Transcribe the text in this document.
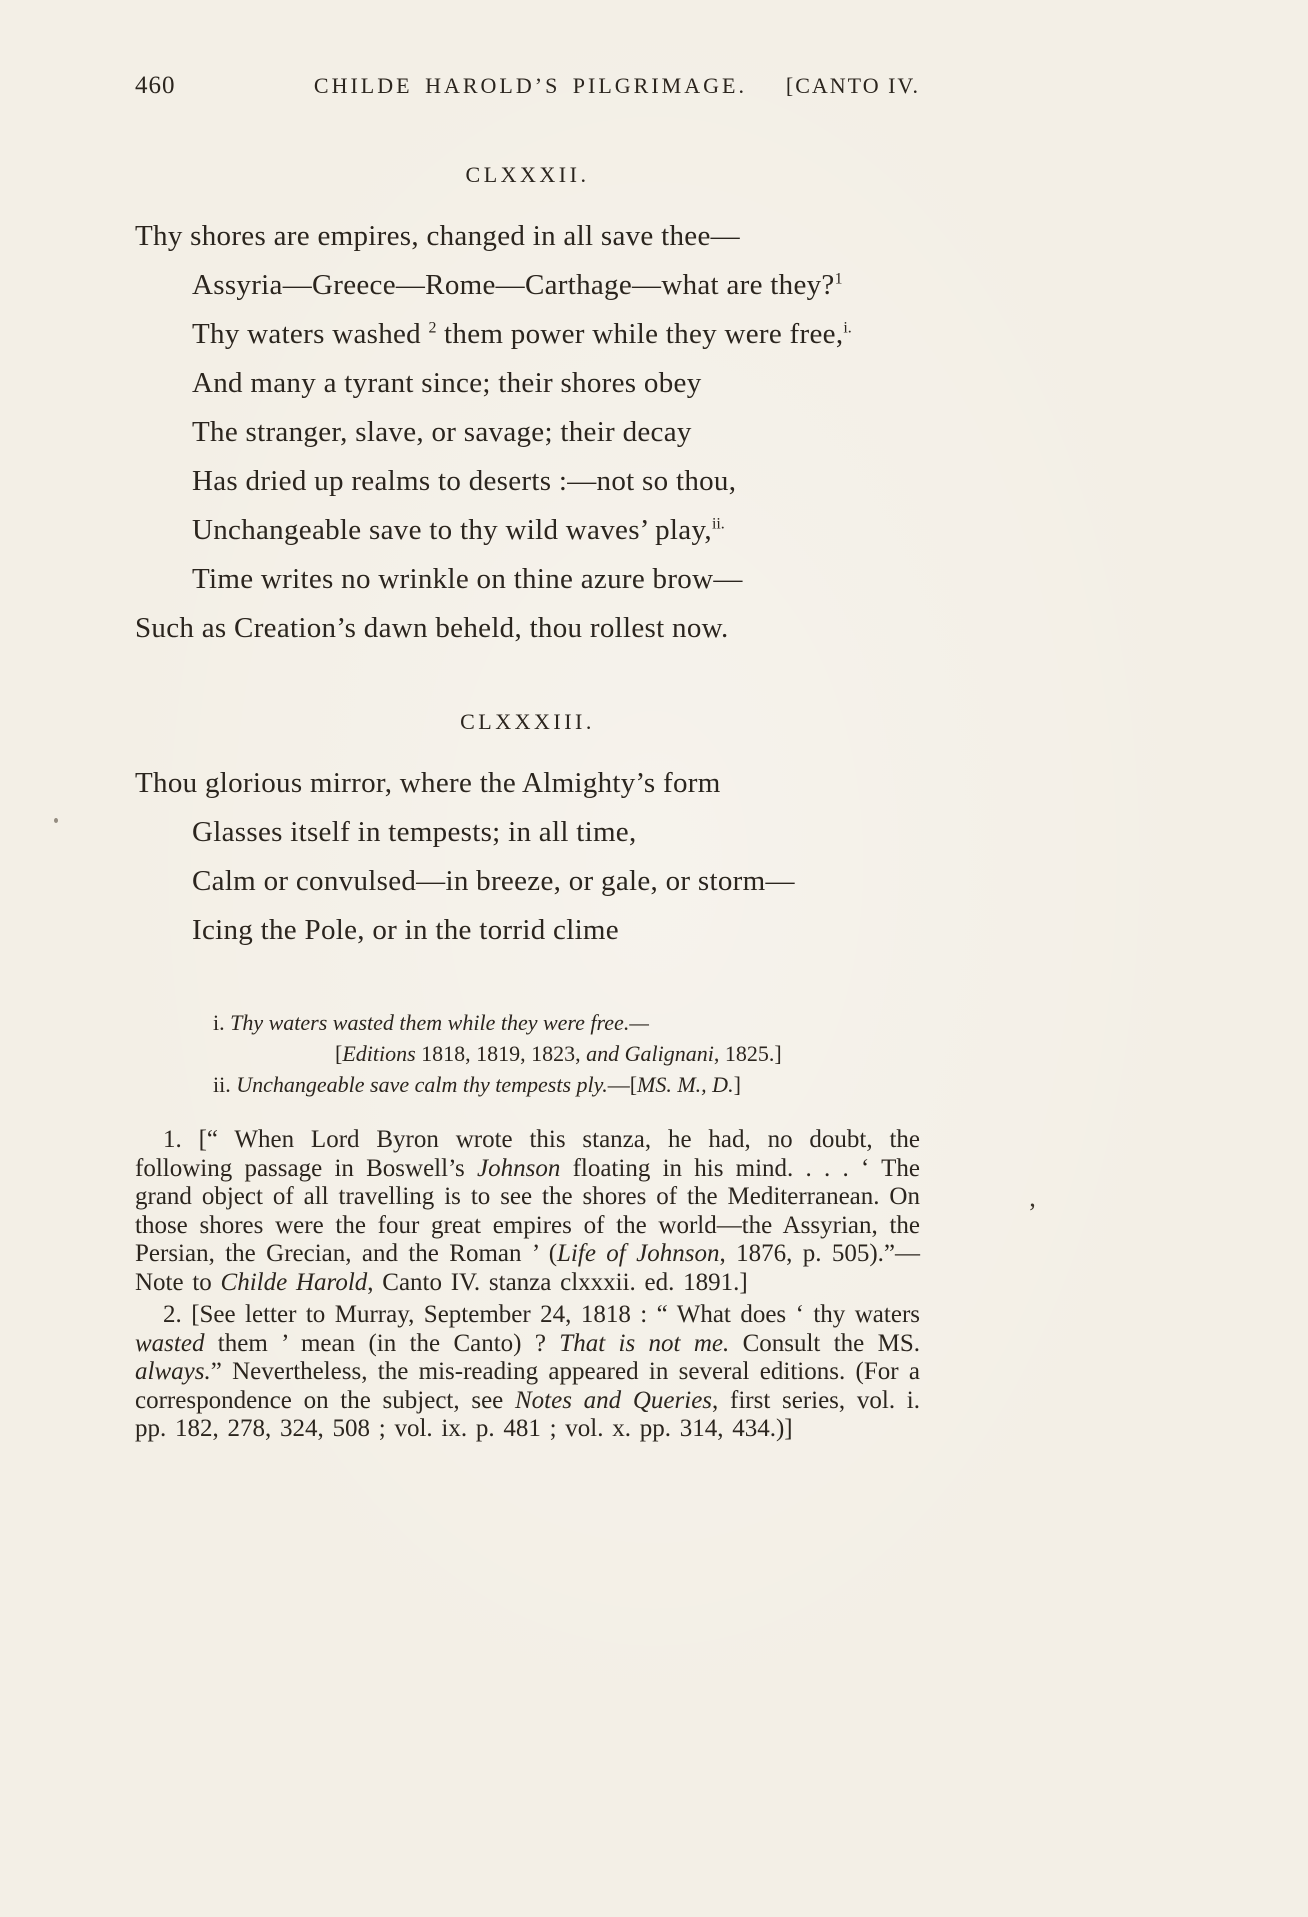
460	CHILDE HAROLD’S PILGRIMAGE.	[CANTO IV.
CLXXXII.
Thy shores are empires, changed in all save thee—
Assyria—Greece—Rome—Carthage—what are they?$^1$
Thy waters washed $^2$ them power while they were free,$^{i.}$
And many a tyrant since; their shores obey
The stranger, slave, or savage; their decay
Has dried up realms to deserts :—not so thou,
Unchangeable save to thy wild waves’ play,$^{ii.}$
Time writes no wrinkle on thine azure brow—
Such as Creation’s dawn beheld, thou rollest now.
CLXXXIII.
Thou glorious mirror, where the Almighty’s form
Glasses itself in tempests; in all time,
Calm or convulsed—in breeze, or gale, or storm—
Icing the Pole, or in the torrid clime
i. Thy waters wasted them while they were free.—
[Editions 1818, 1819, 1823, and Galignani, 1825.]
ii. Unchangeable save calm thy tempests ply.—[MS. M., D.]

1. [“ When Lord Byron wrote this stanza, he had, no doubt, the following passage in Boswell’s Johnson floating in his mind. . . . ‘ The grand object of all travelling is to see the shores of the Mediterranean. On those shores were the four great empires of the world—the Assyrian, the Persian, the Grecian, and the Roman ’ (Life of Johnson, 1876, p. 505).”—Note to Childe Harold, Canto IV. stanza clxxxii. ed. 1891.]

2. [See letter to Murray, September 24, 1818 : “ What does ‘ thy waters wasted them ’ mean (in the Canto) ? That is not me. Consult the MS. always.” Nevertheless, the mis-reading appeared in several editions. (For a correspondence on the subject, see Notes and Queries, first series, vol. i. pp. 182, 278, 324, 508 ; vol. ix. p. 481 ; vol. x. pp. 314, 434.)]

’
